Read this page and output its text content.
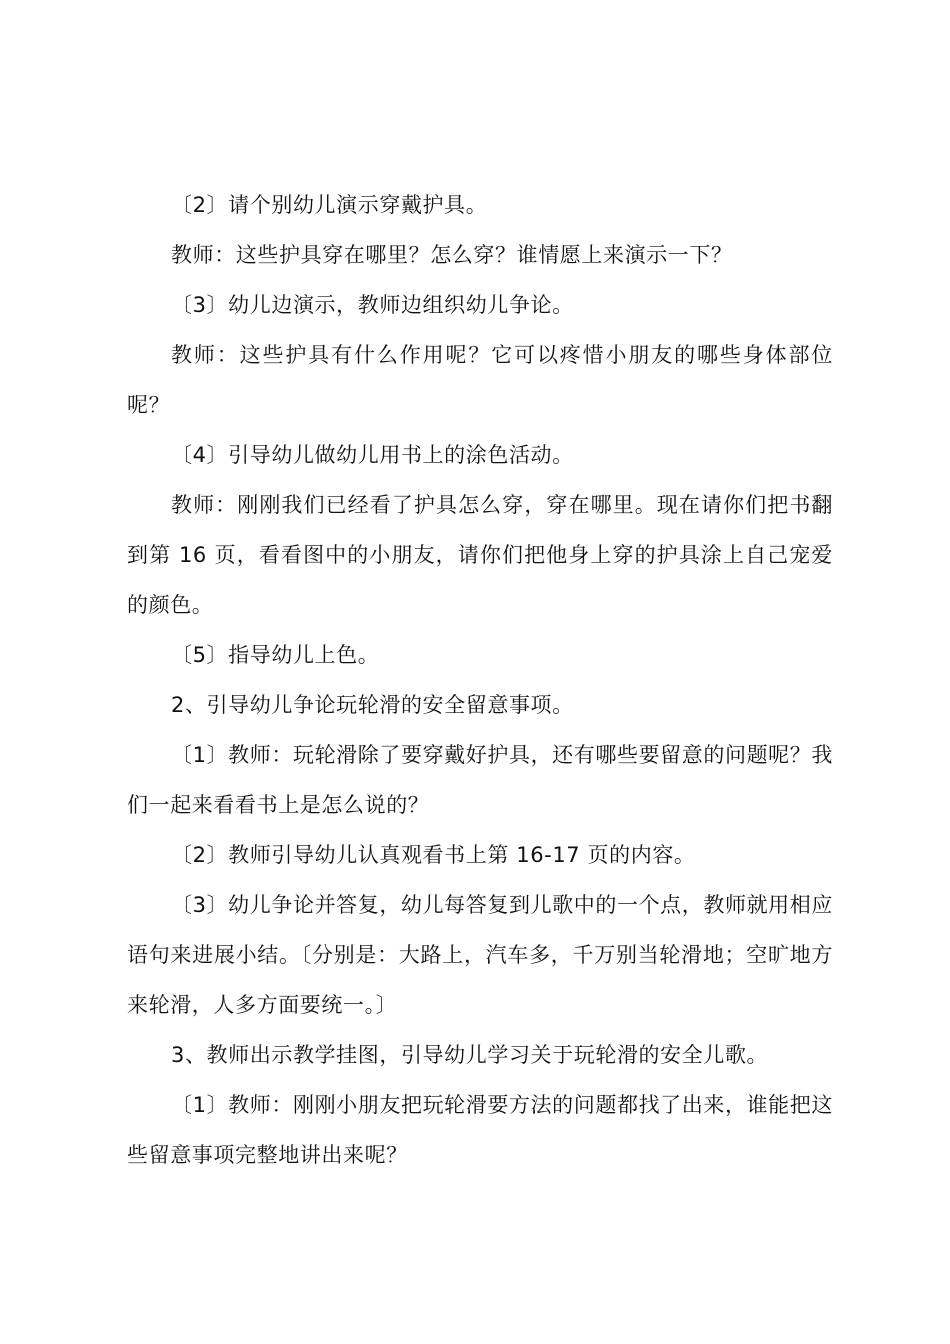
〔2〕请个别幼儿演示穿戴护具。

教师：这些护具穿在哪里？怎么穿？谁情愿上来演示一下？

〔3〕幼儿边演示，教师边组织幼儿争论。

教师：这些护具有什么作用呢？它可以疼惜小朋友的哪些身体部位呢？

〔4〕引导幼儿做幼儿用书上的涂色活动。

教师：刚刚我们已经看了护具怎么穿，穿在哪里。现在请你们把书翻到第 16 页，看看图中的小朋友，请你们把他身上穿的护具涂上自己宠爱的颜色。

〔5〕指导幼儿上色。

2、引导幼儿争论玩轮滑的安全留意事项。

〔1〕教师：玩轮滑除了要穿戴好护具，还有哪些要留意的问题呢？我们一起来看看书上是怎么说的？

〔2〕教师引导幼儿认真观看书上第 16-17 页的内容。

〔3〕幼儿争论并答复，幼儿每答复到儿歌中的一个点，教师就用相应语句来进展小结。〔分别是：大路上，汽车多，千万别当轮滑地；空旷地方来轮滑，人多方面要统一。〕

3、教师出示教学挂图，引导幼儿学习关于玩轮滑的安全儿歌。

〔1〕教师：刚刚小朋友把玩轮滑要方法的问题都找了出来，谁能把这些留意事项完整地讲出来呢？
